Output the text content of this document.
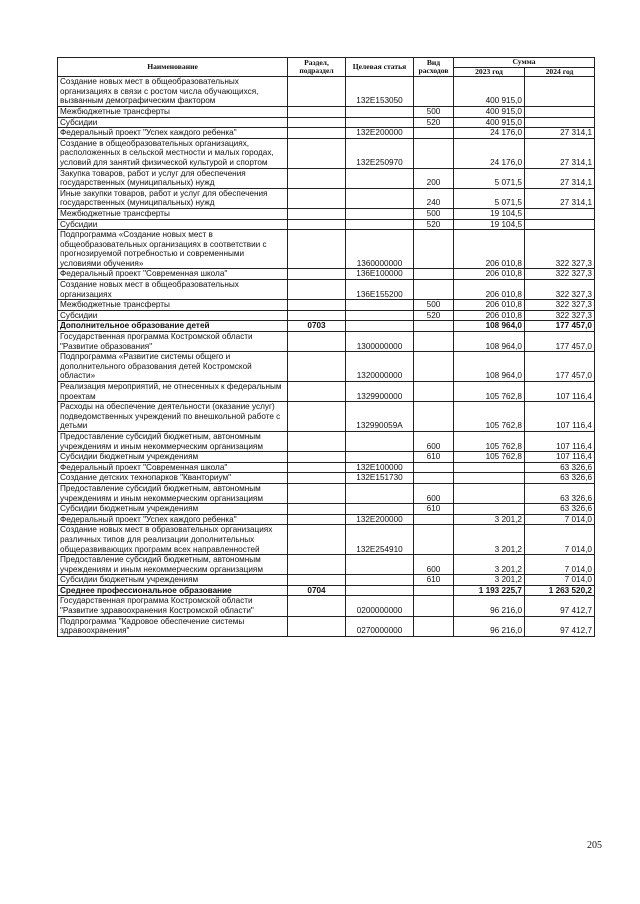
Наименование	Раздел, подраздел	Целевая статья	Вид расходов	Сумма	
				2023 год	2024 год
Создание новых мест в общеобразовательных организациях в связи с ростом числа обучающихся, вызванным демографическим фактором		132E153050		400 915,0	
Межбюджетные трансферты			500	400 915,0	
Субсидии			520	400 915,0	
Федеральный проект "Успех каждого ребенка"		132E200000		24 176,0	27 314,1
Создание в общеобразовательных организациях, расположенных в сельской местности и малых городах, условий для занятий физической культурой и спортом		132E250970		24 176,0	27 314,1
Закупка товаров, работ и услуг для обеспечения государственных (муниципальных) нужд			200	5 071,5	27 314,1
Иные закупки товаров, работ и услуг для обеспечения государственных (муниципальных) нужд			240	5 071,5	27 314,1
Межбюджетные трансферты			500	19 104,5	
Субсидии			520	19 104,5	
Подпрограмма «Создание новых мест в общеобразовательных организациях в соответствии с прогнозируемой потребностью и современными условиями обучения»		1360000000		206 010,8	322 327,3
Федеральный проект "Современная школа"		136E100000		206 010,8	322 327,3
Создание новых мест в общеобразовательных организациях		136E155200		206 010,8	322 327,3
Межбюджетные трансферты			500	206 010,8	322 327,3
Субсидии			520	206 010,8	322 327,3
Дополнительное образование детей	0703			108 964,0	177 457,0
Государственная программа Костромской области "Развитие образования"		1300000000		108 964,0	177 457,0
Подпрограмма «Развитие системы общего и дополнительного образования детей Костромской области»		1320000000		108 964,0	177 457,0
Реализация мероприятий, не отнесенных к федеральным проектам		1329900000		105 762,8	107 116,4
Расходы на обеспечение деятельности (оказание услуг) подведомственных учреждений по внешкольной работе с детьми		132990059A		105 762,8	107 116,4
Предоставление субсидий бюджетным, автономным учреждениям и иным некоммерческим организациям			600	105 762,8	107 116,4
Субсидии бюджетным учреждениям			610	105 762,8	107 116,4
Федеральный проект "Современная школа"		132E100000			63 326,6
Создание детских технопарков "Кванториум"		132E151730			63 326,6
Предоставление субсидий бюджетным, автономным учреждениям и иным некоммерческим организациям			600		63 326,6
Субсидии бюджетным учреждениям			610		63 326,6
Федеральный проект "Успех каждого ребенка"		132E200000		3 201,2	7 014,0
Создание новых мест в образовательных организациях различных типов для реализации дополнительных общеразвивающих программ всех направленностей		132E254910		3 201,2	7 014,0
Предоставление субсидий бюджетным, автономным учреждениям и иным некоммерческим организациям			600	3 201,2	7 014,0
Субсидии бюджетным учреждениям			610	3 201,2	7 014,0
Среднее профессиональное образование	0704			1 193 225,7	1 263 520,2
Государственная программа Костромской области "Развитие здравоохранения Костромской области"		0200000000		96 216,0	97 412,7
Подпрограмма "Кадровое обеспечение системы здравоохранения"		0270000000		96 216,0	97 412,7
205
